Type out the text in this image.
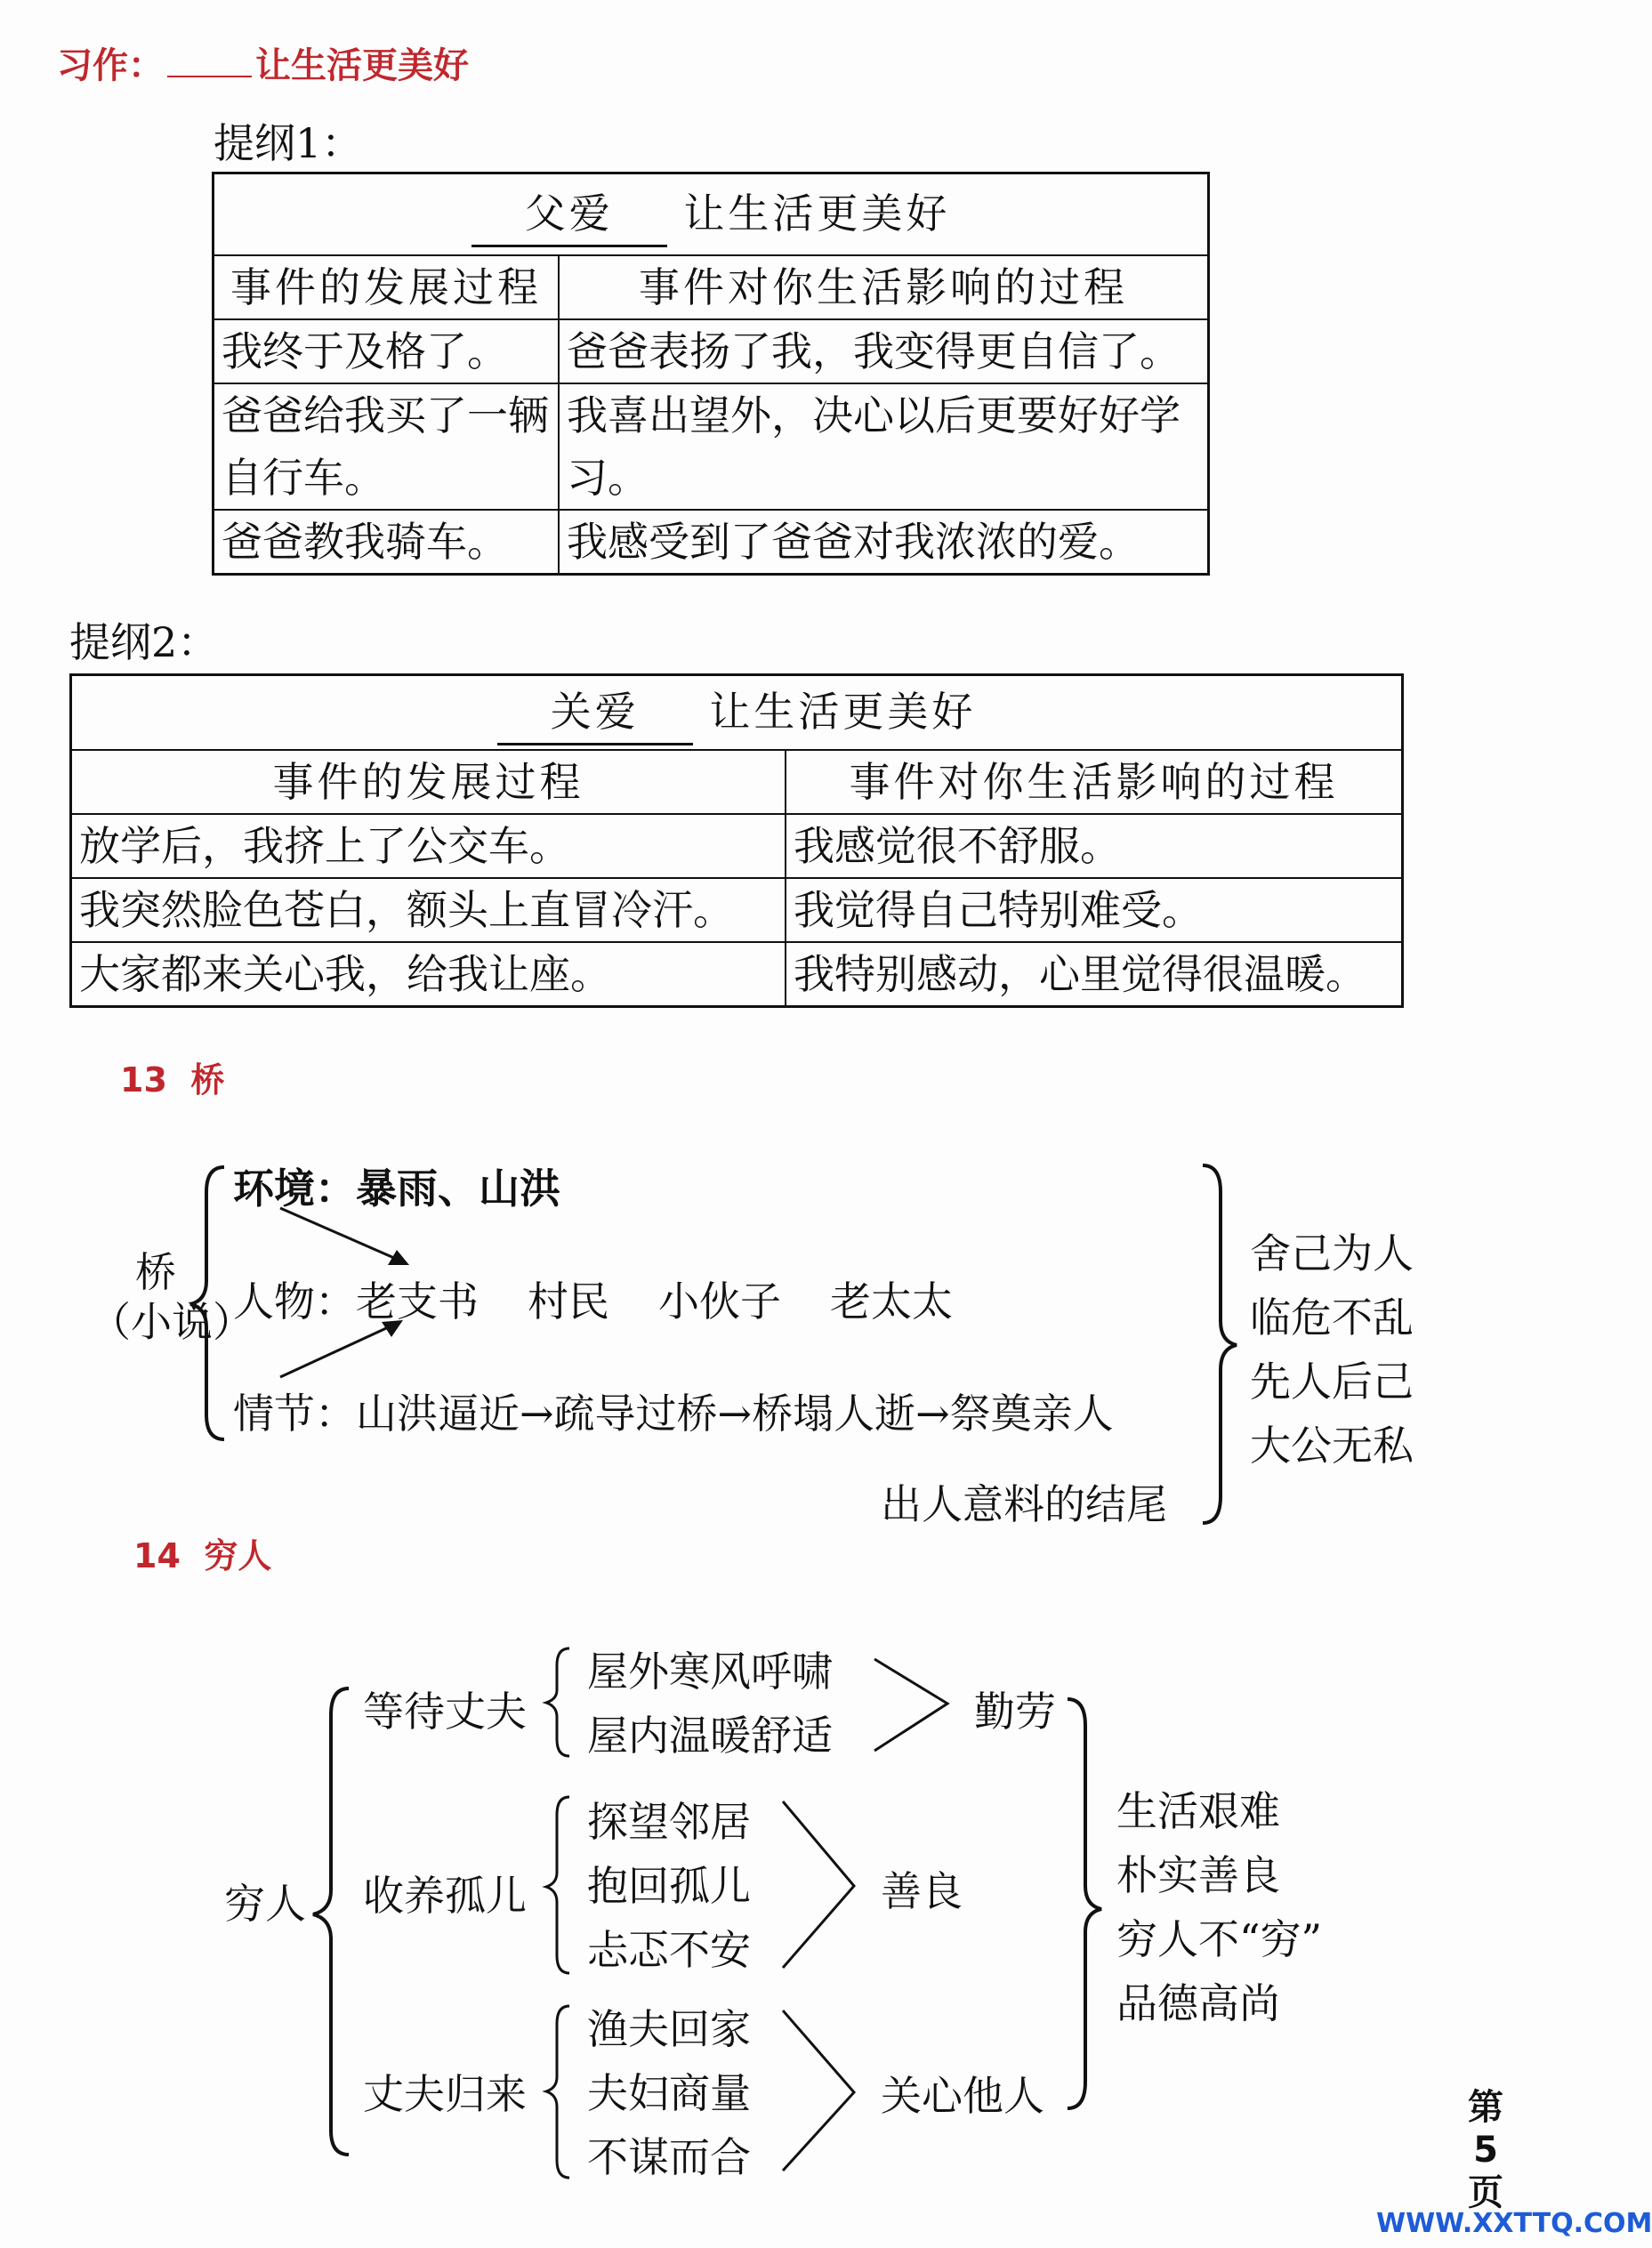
习作：	让生活更美好
提纲1：
父爱 让生活更美好	
事件的发展过程	事件对你生活影响的过程
我终于及格了。	爸爸表扬了我，我变得更自信了。
爸爸给我买了一辆自行车。	我喜出望外，决心以后更要好好学习。
爸爸教我骑车。	我感受到了爸爸对我浓浓的爱。
提纲2：
关爱 让生活更美好	
事件的发展过程	事件对你生活影响的过程
放学后，我挤上了公交车。	我感觉很不舒服。
我突然脸色苍白，额头上直冒冷汗。	我觉得自己特别难受。
大家都来关心我，给我让座。	我特别感动，心里觉得很温暖。
13 桥
桥
（小说）
环境：暴雨、山洪
人物：老支书 村民 小伙子 老太太
情节：山洪逼近→疏导过桥→桥塌人逝→祭奠亲人
出人意料的结尾
舍己为人
临危不乱
先人后己
大公无私
14 穷人
穷人
等待丈夫
收养孤儿
丈夫归来
屋外寒风呼啸
屋内温暖舒适
探望邻居
抱回孤儿
忐忑不安
渔夫回家
夫妇商量
不谋而合
勤劳
善良
关心他人
生活艰难
朴实善良
穷人不“穷”
品德高尚
第
5
页
WWW.XXTTQ.COM
